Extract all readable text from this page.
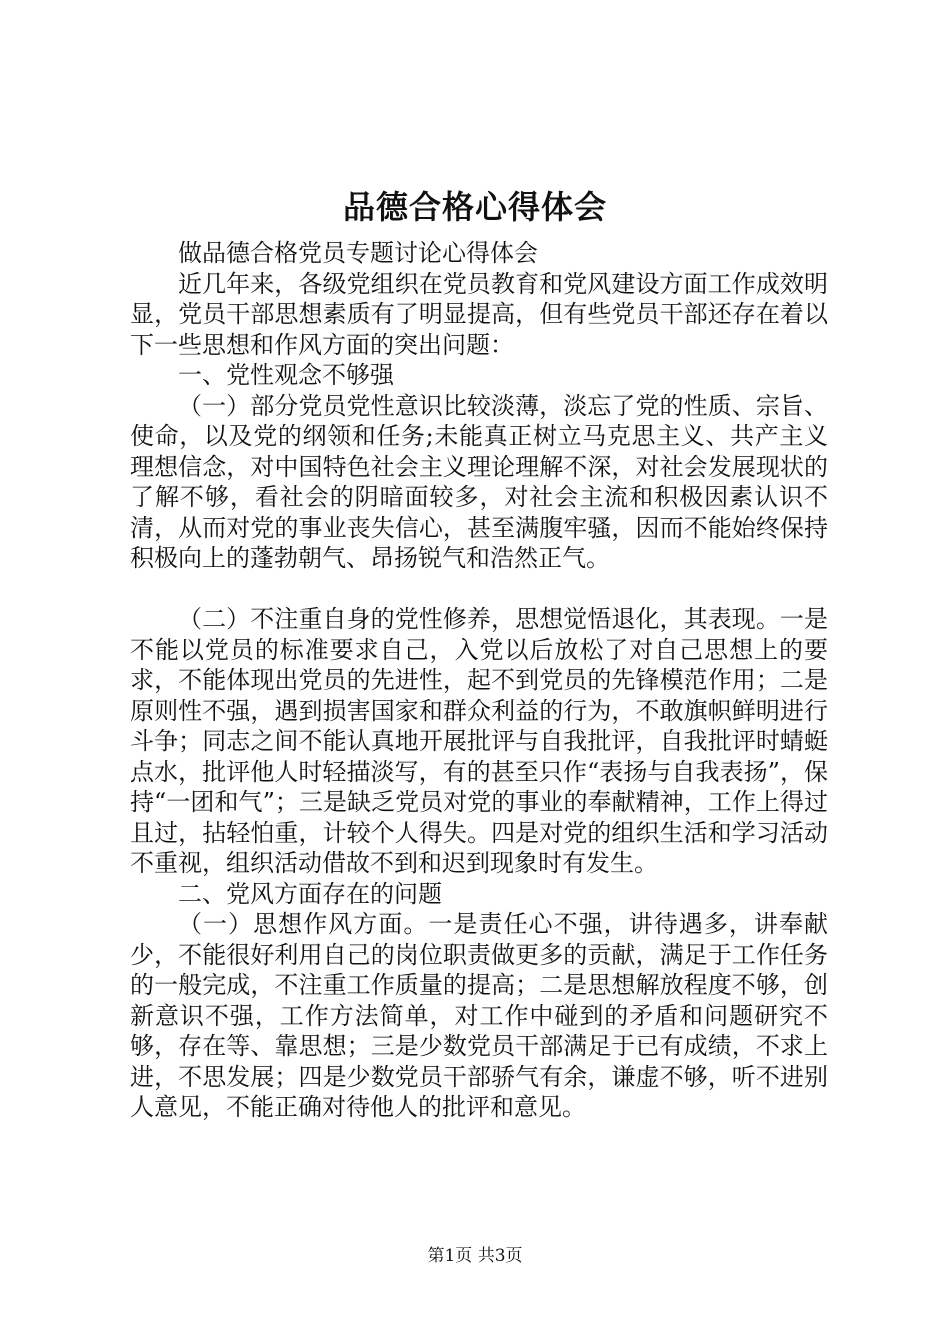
品德合格心得体会

做品德合格党员专题讨论心得体会

近几年来，各级党组织在党员教育和党风建设方面工作成效明显，党员干部思想素质有了明显提高，但有些党员干部还存在着以下一些思想和作风方面的突出问题：

一、党性观念不够强

（一）部分党员党性意识比较淡薄，淡忘了党的性质、宗旨、使命，以及党的纲领和任务;未能真正树立马克思主义、共产主义理想信念，对中国特色社会主义理论理解不深，对社会发展现状的了解不够，看社会的阴暗面较多，对社会主流和积极因素认识不清，从而对党的事业丧失信心，甚至满腹牢骚，因而不能始终保持积极向上的蓬勃朝气、昂扬锐气和浩然正气。

（二）不注重自身的党性修养，思想觉悟退化，其表现。一是不能以党员的标准要求自己，入党以后放松了对自己思想上的要求，不能体现出党员的先进性，起不到党员的先锋模范作用；二是原则性不强，遇到损害国家和群众利益的行为，不敢旗帜鲜明进行斗争；同志之间不能认真地开展批评与自我批评，自我批评时蜻蜓点水，批评他人时轻描淡写，有的甚至只作“表扬与自我表扬”，保持“一团和气”；三是缺乏党员对党的事业的奉献精神，工作上得过且过，拈轻怕重，计较个人得失。四是对党的组织生活和学习活动不重视，组织活动借故不到和迟到现象时有发生。

二、党风方面存在的问题

（一）思想作风方面。一是责任心不强，讲待遇多，讲奉献少，不能很好利用自己的岗位职责做更多的贡献，满足于工作任务的一般完成，不注重工作质量的提高；二是思想解放程度不够，创新意识不强，工作方法简单，对工作中碰到的矛盾和问题研究不够，存在等、靠思想；三是少数党员干部满足于已有成绩，不求上进，不思发展；四是少数党员干部骄气有余，谦虚不够，听不进别人意见，不能正确对待他人的批评和意见。

第1页 共3页
